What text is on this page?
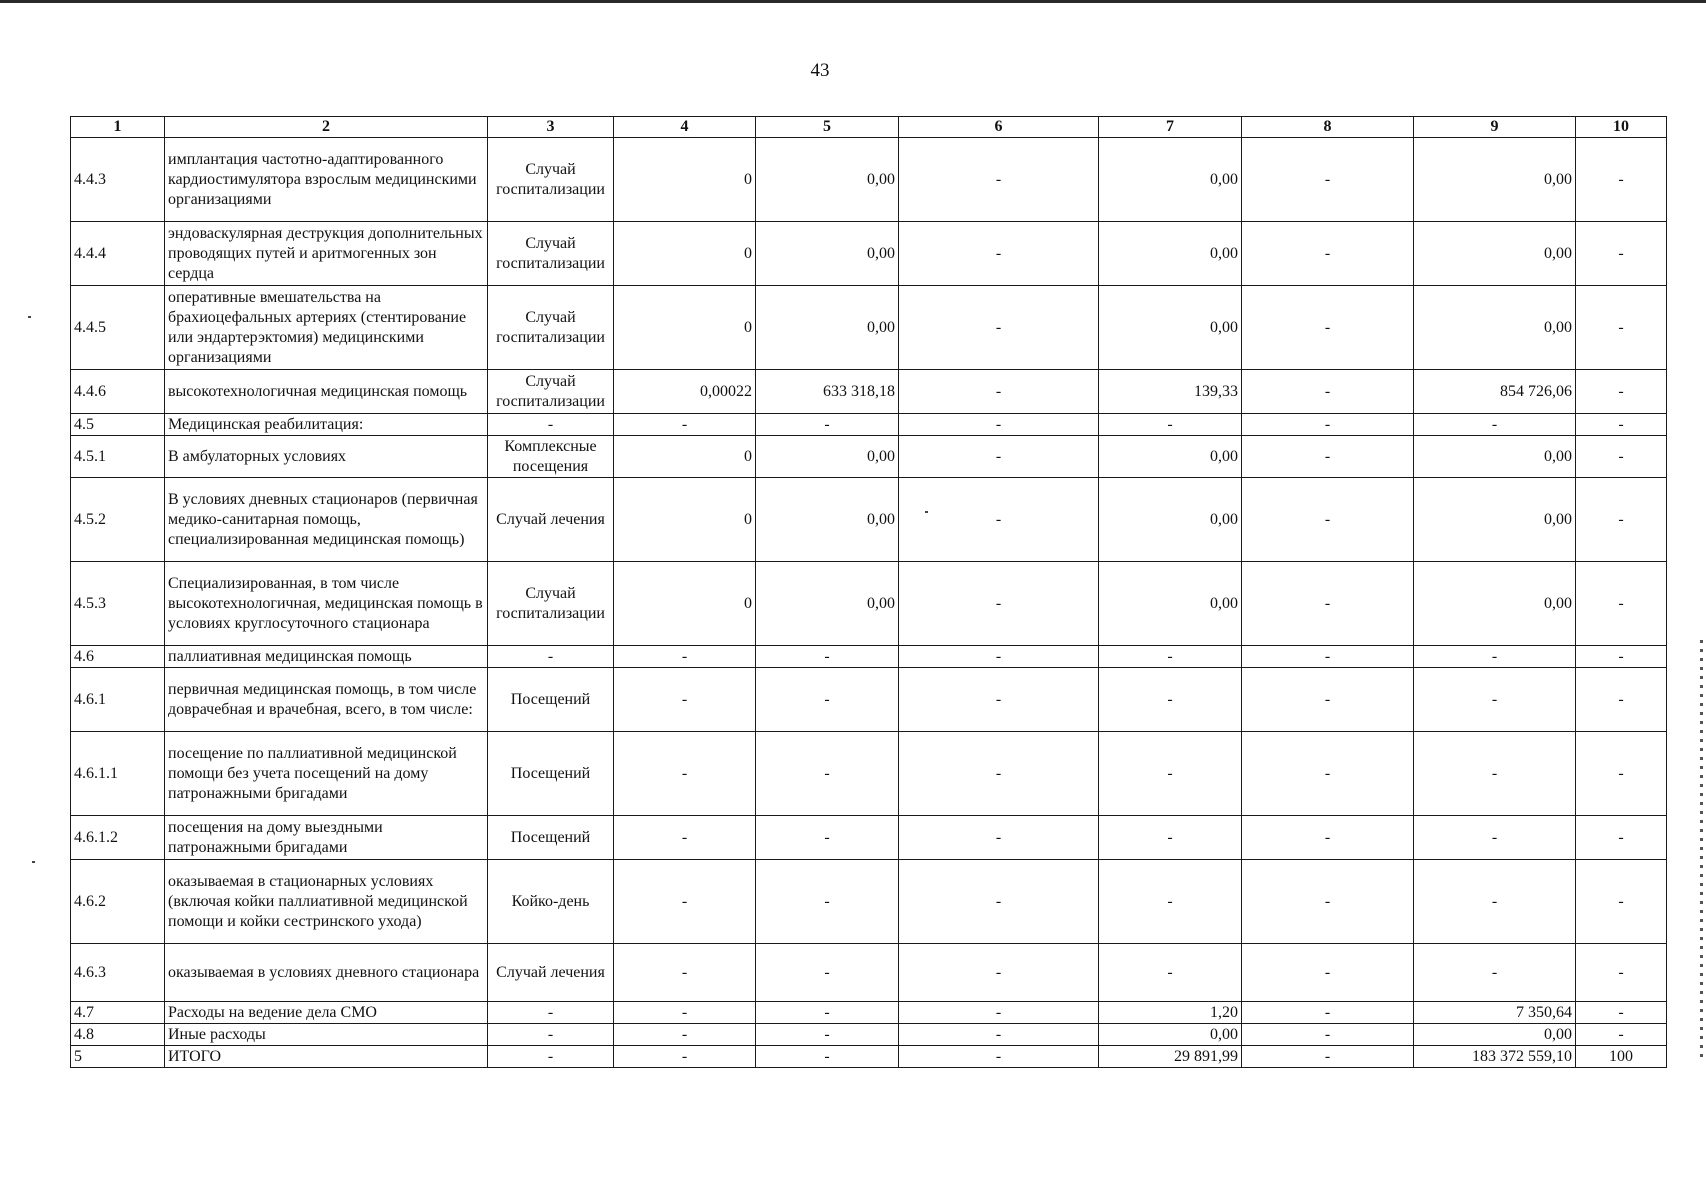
43
1	2	3	4	5	6	7	8	9	10
4.4.3	имплантация частотно-адаптированного кардиостимулятора взрослым медицинскими организациями	Случай госпитализации	0	0,00	-	0,00	-	0,00	-
4.4.4	эндоваскулярная деструкция дополнительных проводящих путей и аритмогенных зон сердца	Случай госпитализации	0	0,00	-	0,00	-	0,00	-
4.4.5	оперативные вмешательства на брахиоцефальных артериях (стентирование или эндартерэктомия) медицинскими организациями	Случай госпитализации	0	0,00	-	0,00	-	0,00	-
4.4.6	высокотехнологичная медицинская помощь	Случай госпитализации	0,00022	633 318,18	-	139,33	-	854 726,06	-
4.5	Медицинская реабилитация:	-	-	-	-	-	-	-	-
4.5.1	В амбулаторных условиях	Комплексные посещения	0	0,00	-	0,00	-	0,00	-
4.5.2	В условиях дневных стационаров (первичная медико-санитарная помощь, специализированная медицинская помощь)	Случай лечения	0	0,00	-	0,00	-	0,00	-
4.5.3	Специализированная, в том числе высокотехнологичная, медицинская помощь в условиях круглосуточного стационара	Случай госпитализации	0	0,00	-	0,00	-	0,00	-
4.6	паллиативная медицинская помощь	-	-	-	-	-	-	-	-
4.6.1	первичная медицинская помощь, в том числе доврачебная и врачебная, всего, в том числе:	Посещений	-	-	-	-	-	-	-
4.6.1.1	посещение по паллиативной медицинской помощи без учета посещений на дому патронажными бригадами	Посещений	-	-	-	-	-	-	-
4.6.1.2	посещения на дому выездными патронажными бригадами	Посещений	-	-	-	-	-	-	-
4.6.2	оказываемая в стационарных условиях (включая койки паллиативной медицинской помощи и койки сестринского ухода)	Койко-день	-	-	-	-	-	-	-
4.6.3	оказываемая в условиях дневного стационара	Случай лечения	-	-	-	-	-	-	-
4.7	Расходы на ведение дела СМО	-	-	-	-	1,20	-	7 350,64	-
4.8	Иные расходы	-	-	-	-	0,00	-	0,00	-
5	ИТОГО	-	-	-	-	29 891,99	-	183 372 559,10	100
